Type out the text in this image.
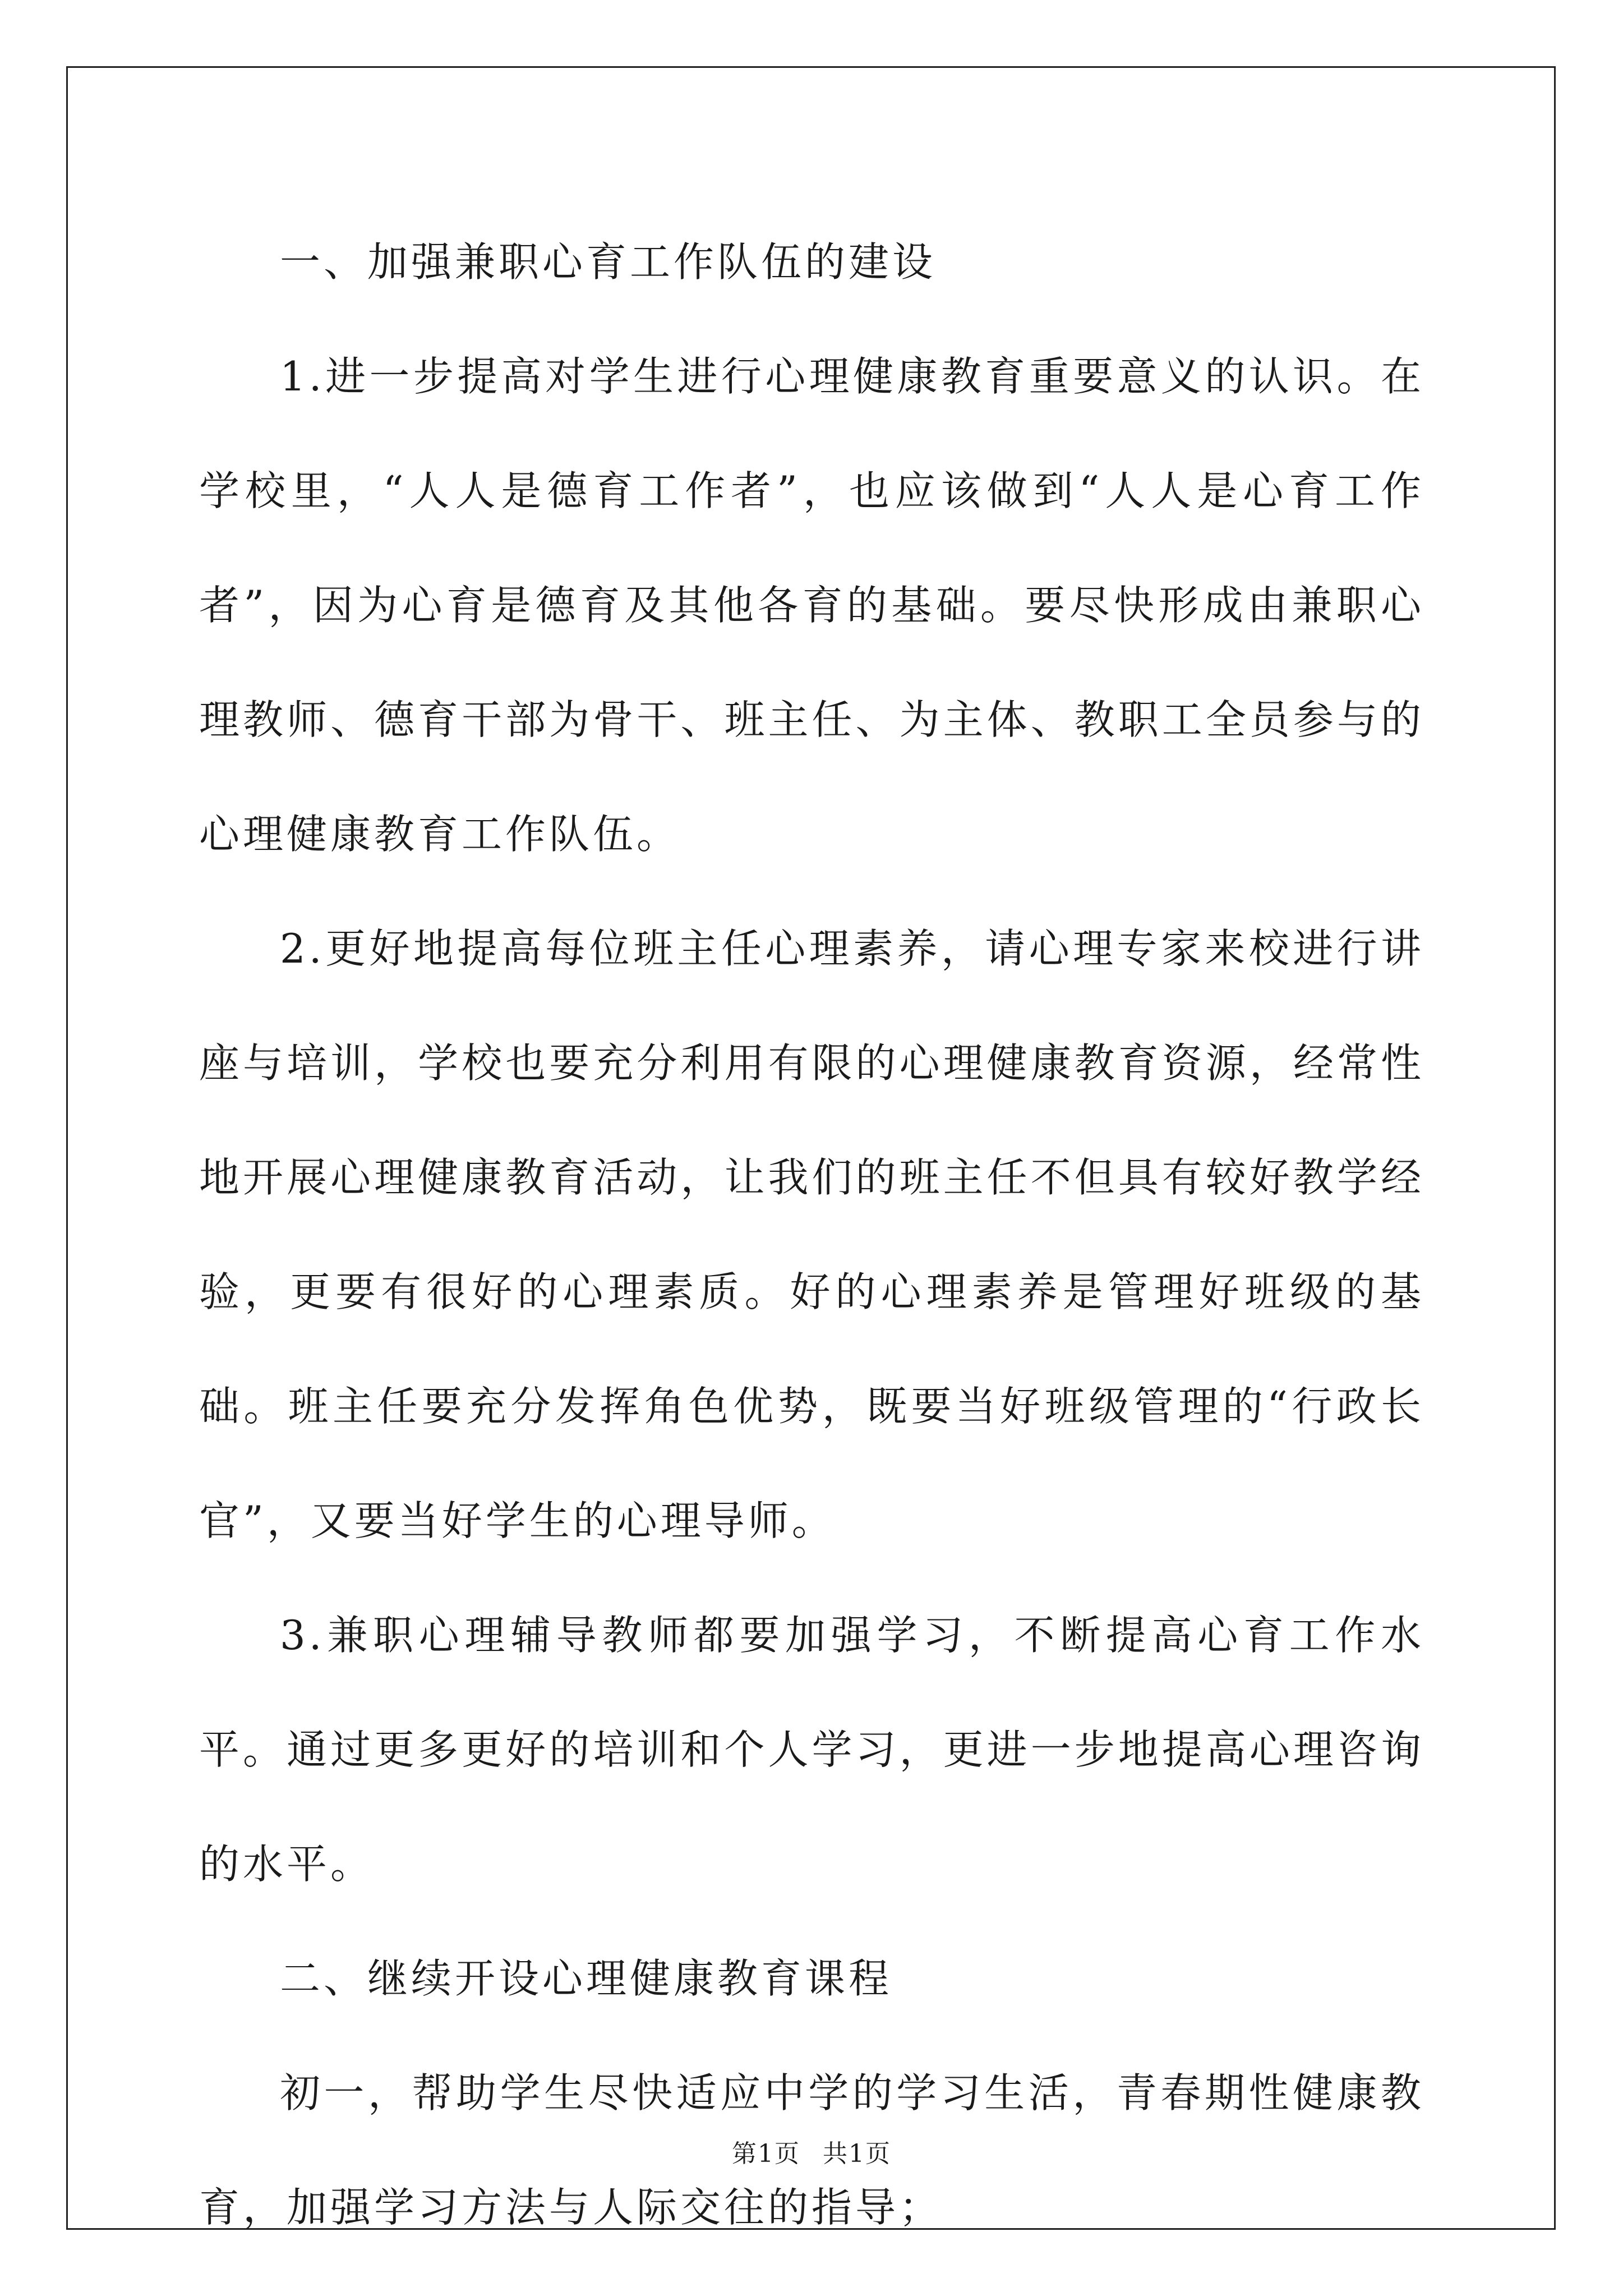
一、加强兼职心育工作队伍的建设

1.进一步提高对学生进行心理健康教育重要意义的认识。在学校里，“人人是德育工作者”，也应该做到“人人是心育工作者”，因为心育是德育及其他各育的基础。要尽快形成由兼职心理教师、德育干部为骨干、班主任、为主体、教职工全员参与的心理健康教育工作队伍。

2.更好地提高每位班主任心理素养，请心理专家来校进行讲座与培训，学校也要充分利用有限的心理健康教育资源，经常性地开展心理健康教育活动，让我们的班主任不但具有较好教学经验，更要有很好的心理素质。好的心理素养是管理好班级的基础。班主任要充分发挥角色优势，既要当好班级管理的“行政长官”，又要当好学生的心理导师。

3.兼职心理辅导教师都要加强学习，不断提高心育工作水平。通过更多更好的培训和个人学习，更进一步地提高心理咨询的水平。

二、继续开设心理健康教育课程

初一，帮助学生尽快适应中学的学习生活，青春期性健康教育，加强学习方法与人际交往的指导；

第1页 共1页
